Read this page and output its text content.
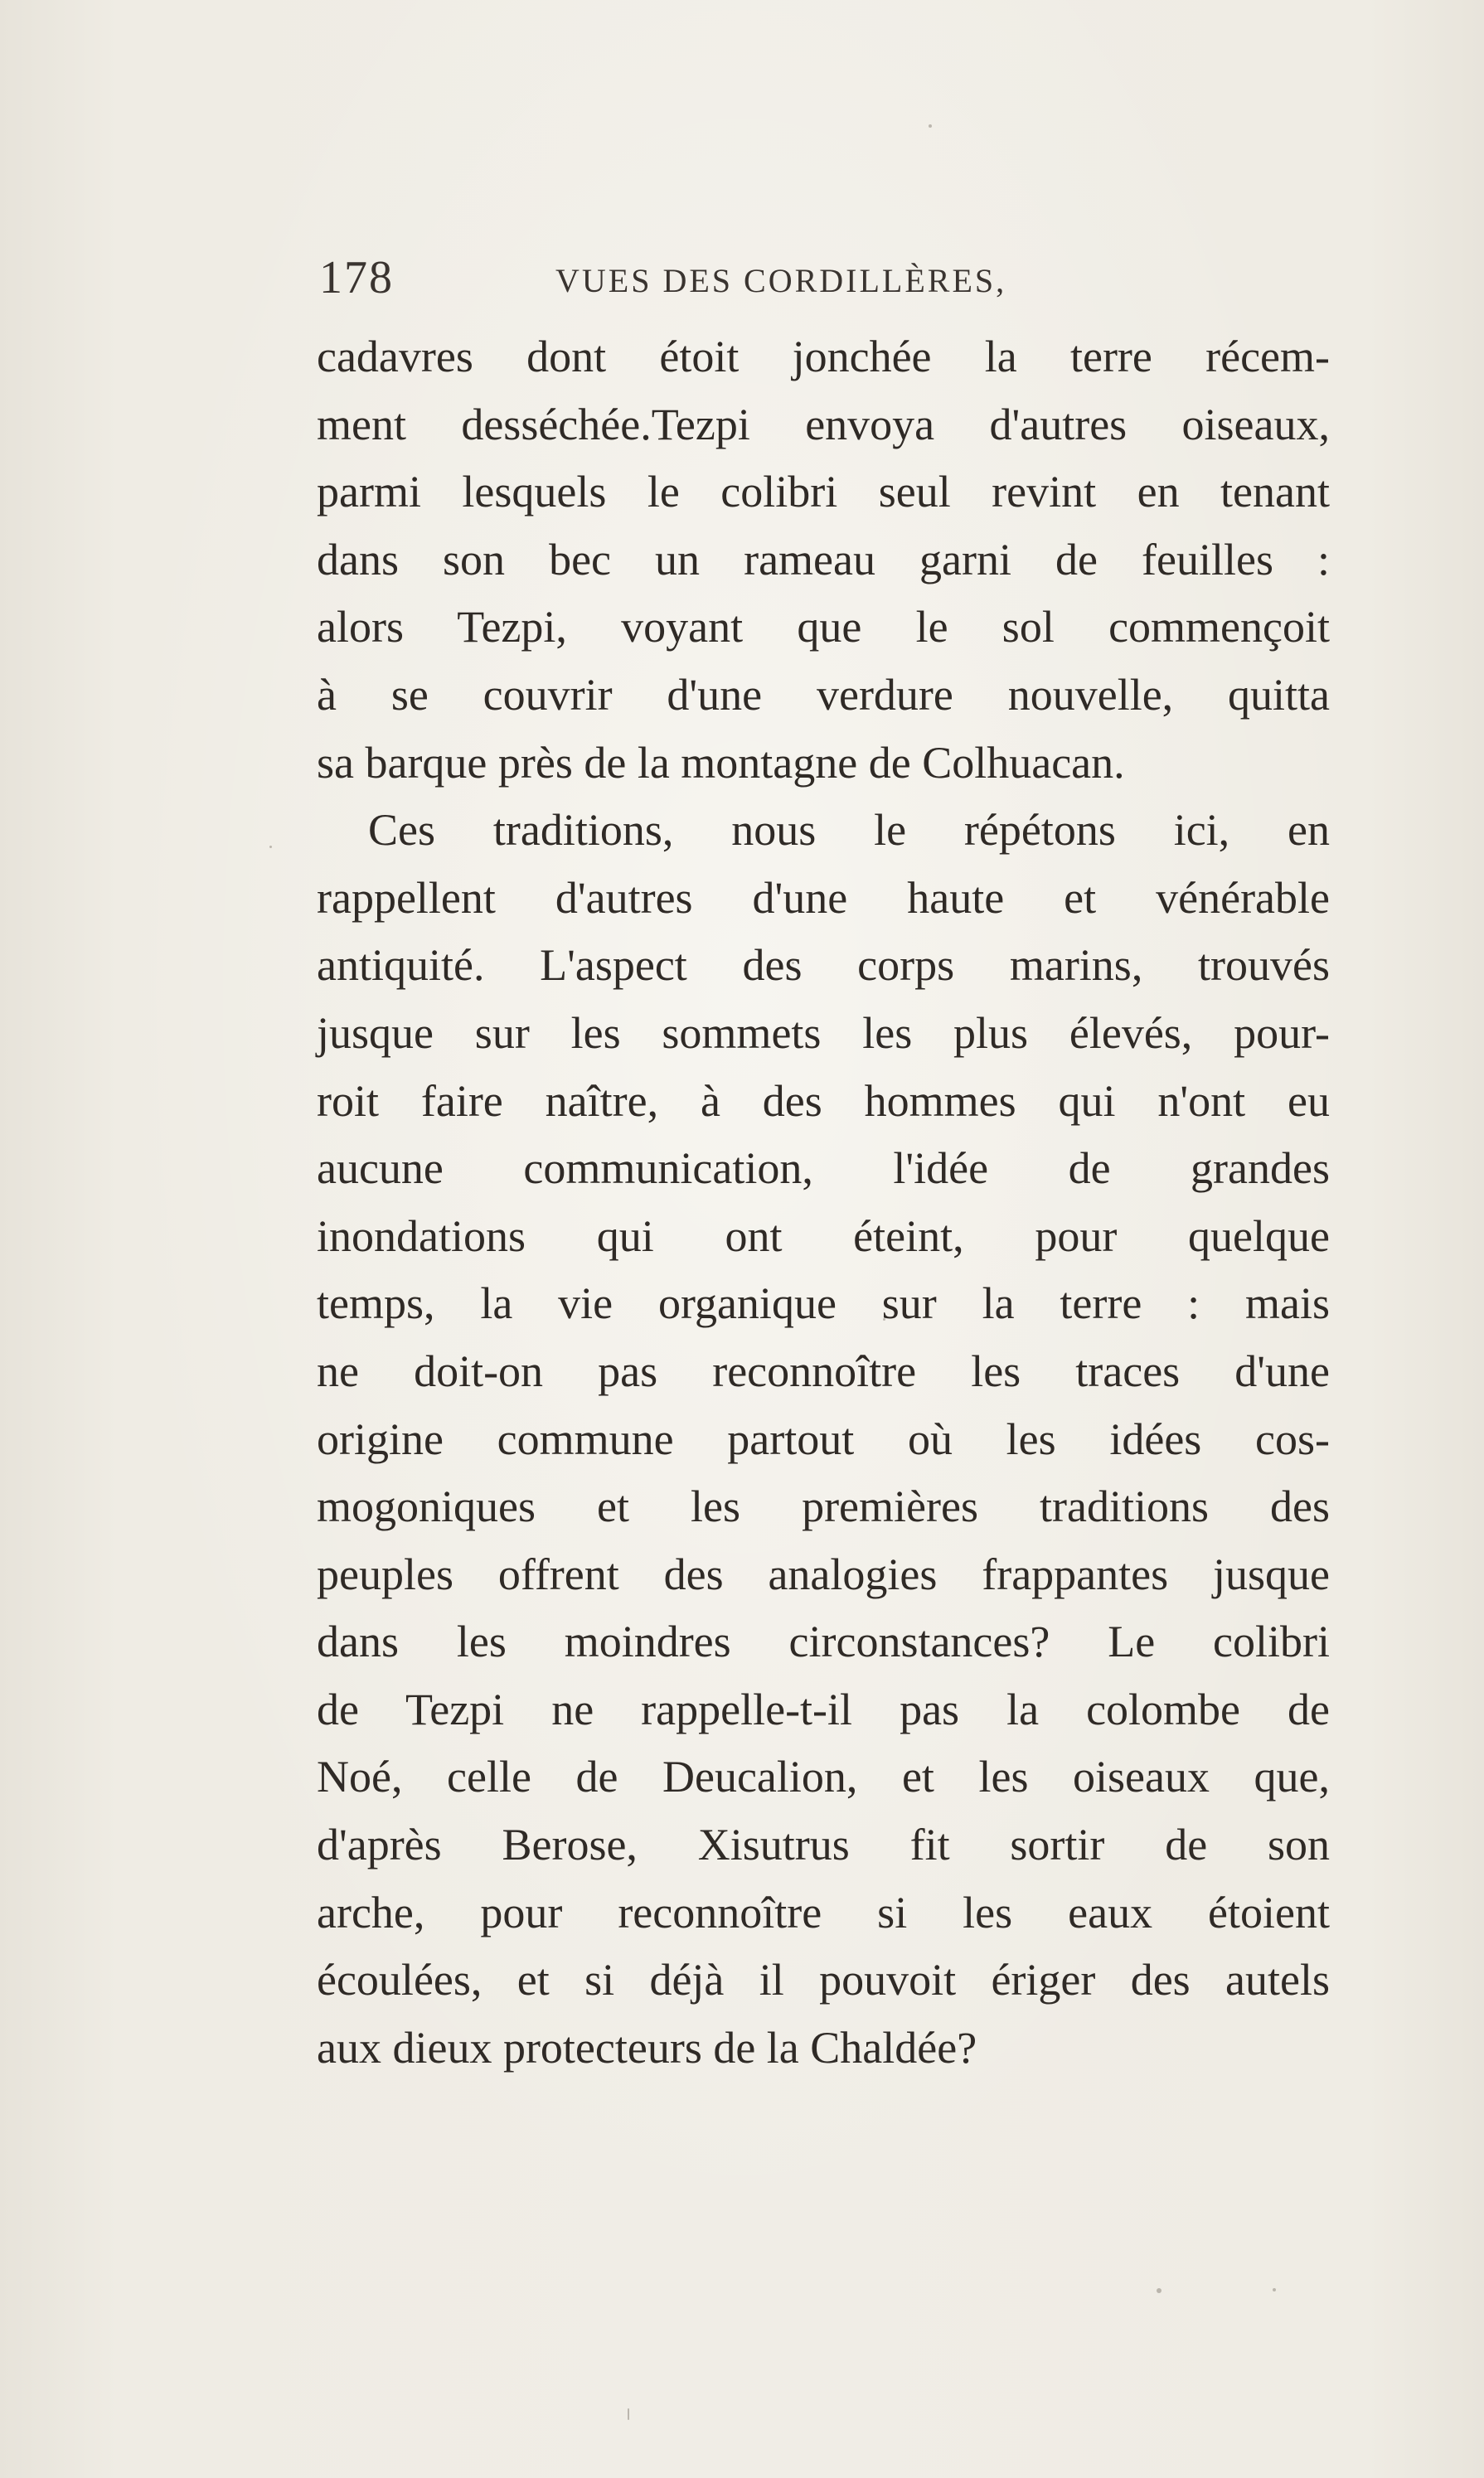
178	VUES DES CORDILLÈRES,
cadavres dont étoit jonchée la terre récem-
ment desséchée.Tezpi envoya d'autres oiseaux,
parmi lesquels le colibri seul revint en tenant
dans son bec un rameau garni de feuilles :
alors Tezpi, voyant que le sol commençoit
à se couvrir d'une verdure nouvelle, quitta
sa barque près de la montagne de Colhuacan.
Ces traditions, nous le répétons ici, en
rappellent d'autres d'une haute et vénérable
antiquité. L'aspect des corps marins, trouvés
jusque sur les sommets les plus élevés, pour-
roit faire naître, à des hommes qui n'ont eu
aucune communication, l'idée de grandes
inondations qui ont éteint, pour quelque
temps, la vie organique sur la terre : mais
ne doit-on pas reconnoître les traces d'une
origine commune partout où les idées cos-
mogoniques et les premières traditions des
peuples offrent des analogies frappantes jusque
dans les moindres circonstances? Le colibri
de Tezpi ne rappelle-t-il pas la colombe de
Noé, celle de Deucalion, et les oiseaux que,
d'après Berose, Xisutrus fit sortir de son
arche, pour reconnoître si les eaux étoient
écoulées, et si déjà il pouvoit ériger des autels
aux dieux protecteurs de la Chaldée?
